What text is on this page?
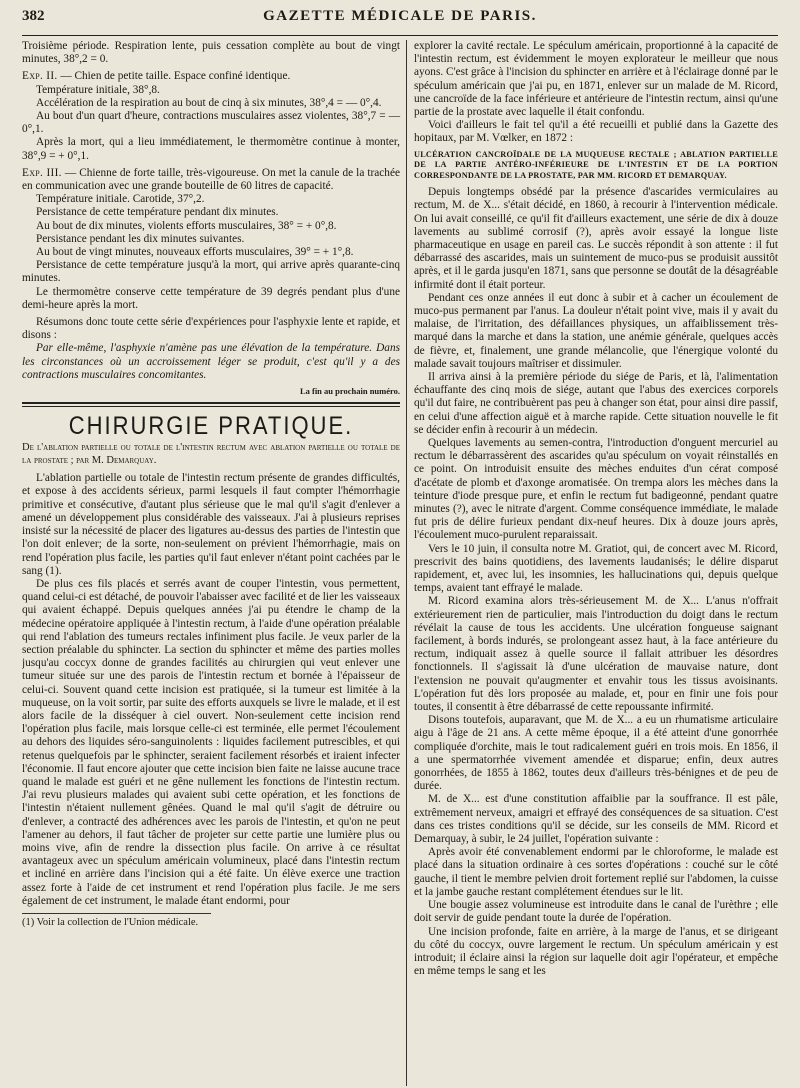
382	GAZETTE MÉDICALE DE PARIS.

Troisième période. Respiration lente, puis cessation complète au bout de vingt minutes, 38°,2 = 0.

Exp. II. — Chien de petite taille. Espace confiné identique.

Température initiale, 38°,8.

Accélération de la respiration au bout de cinq à six minutes, 38°,4 = — 0°,4.

Au bout d'un quart d'heure, contractions musculaires assez violentes, 38°,7 = — 0°,1.

Après la mort, qui a lieu immédiatement, le thermomètre continue à monter, 38°,9 = + 0°,1.

Exp. III. — Chienne de forte taille, très-vigoureuse. On met la canule de la trachée en communication avec une grande bouteille de 60 litres de capacité.

Température initiale. Carotide, 37°,2.

Persistance de cette température pendant dix minutes.

Au bout de dix minutes, violents efforts musculaires, 38° = + 0°,8.

Persistance pendant les dix minutes suivantes.

Au bout de vingt minutes, nouveaux efforts musculaires, 39° = + 1°,8.

Persistance de cette température jusqu'à la mort, qui arrive après quarante-cinq minutes.

Le thermomètre conserve cette température de 39 degrés pendant plus d'une demi-heure après la mort.

Résumons donc toute cette série d'expériences pour l'asphyxie lente et rapide, et disons :

Par elle-même, l'asphyxie n'amène pas une élévation de la température. Dans les circonstances où un accroissement léger se produit, c'est qu'il y a des contractions musculaires concomitantes.

La fin au prochain numéro.
CHIRURGIE PRATIQUE.

De l'ablation partielle ou totale de l'intestin rectum avec ablation partielle ou totale de la prostate ; par M. Demarquay.

L'ablation partielle ou totale de l'intestin rectum présente de grandes difficultés, et expose à des accidents sérieux, parmi lesquels il faut compter l'hémorrhagie primitive et consécutive, d'autant plus sérieuse que le mal qu'il s'agit d'enlever a amené un développement plus considérable des vaisseaux. J'ai à plusieurs reprises insisté sur la nécessité de placer des ligatures au-dessus des parties de l'intestin que l'on doit enlever; de la sorte, non-seulement on prévient l'hémorrhagie, mais on rend l'opération plus facile, les parties qu'il faut enlever n'étant point cachées par le sang (1).

De plus ces fils placés et serrés avant de couper l'intestin, vous permettent, quand celui-ci est détaché, de pouvoir l'abaisser avec facilité et de lier les vaisseaux qui avaient échappé. Depuis quelques années j'ai pu étendre le champ de la médecine opératoire appliquée à l'intestin rectum, à l'aide d'une opération préalable qui rend l'ablation des tumeurs rectales infiniment plus facile. Je veux parler de la section préalable du sphincter. La section du sphincter et même des parties molles jusqu'au coccyx donne de grandes facilités au chirurgien qui veut enlever une tumeur située sur une des parois de l'intestin rectum et bornée à l'épaisseur de celui-ci. Souvent quand cette incision est pratiquée, si la tumeur est limitée à la muqueuse, on la voit sortir, par suite des efforts auxquels se livre le malade, et il est alors facile de la disséquer à ciel ouvert. Non-seulement cette incision rend l'opération plus facile, mais lorsque celle-ci est terminée, elle permet l'écoulement au dehors des liquides séro-sanguinolents : liquides facilement putrescibles, et qui retenus quelquefois par le sphincter, seraient facilement résorbés et iraient infecter l'économie. Il faut encore ajouter que cette incision bien faite ne laisse aucune trace quand le malade est guéri et ne gêne nullement les fonctions de l'intestin rectum. J'ai revu plusieurs malades qui avaient subi cette opération, et les fonctions de l'intestin n'étaient nullement gênées. Quand le mal qu'il s'agit de détruire ou d'enlever, a contracté des adhérences avec les parois de l'intestin, et qu'on ne peut l'amener au dehors, il faut tâcher de projeter sur cette partie une lumière plus ou moins vive, afin de rendre la dissection plus facile. On arrive à ce résultat avantageux avec un spéculum américain volumineux, placé dans l'intestin rectum et incliné en arrière dans l'incision qui a été faite. Un élève exerce une traction assez forte à l'aide de cet instrument et rend l'opération plus facile. Je me sers également de cet instrument, le malade étant endormi, pour

(1) Voir la collection de l'Union médicale.

explorer la cavité rectale. Le spéculum américain, proportionné à la capacité de l'intestin rectum, est évidemment le moyen explorateur le meilleur que nous ayons. C'est grâce à l'incision du sphincter en arrière et à l'éclairage donné par le spéculum américain que j'ai pu, en 1871, enlever sur un malade de M. Ricord, une cancroïde de la face inférieure et antérieure de l'intestin rectum, ainsi qu'une partie de la prostate avec laquelle il était confondu.

Voici d'ailleurs le fait tel qu'il a été recueilli et publié dans la Gazette des hopitaux, par M. Vœlker, en 1872 :

ULCÉRATION CANCROÏDALE DE LA MUQUEUSE RECTALE ; ABLATION PARTIELLE DE LA PARTIE ANTÉRO-INFÉRIEURE DE L'INTESTIN ET DE LA PORTION CORRESPONDANTE DE LA PROSTATE, PAR MM. RICORD ET DEMARQUAY.

Depuis longtemps obsédé par la présence d'ascarides vermiculaires au rectum, M. de X... s'était décidé, en 1860, à recourir à l'intervention médicale. On lui avait conseillé, ce qu'il fit d'ailleurs exactement, une série de dix à douze lavements au sublimé corrosif (?), après avoir essayé la longue liste pharmaceutique en usage en pareil cas. Le succès répondit à son attente : il fut débarrassé des ascarides, mais un suintement de muco-pus se produisit aussitôt après, et il le garda jusqu'en 1871, sans que personne se doutât de la désagréable infirmité dont il était porteur.

Pendant ces onze années il eut donc à subir et à cacher un écoulement de muco-pus permanent par l'anus. La douleur n'était point vive, mais il y avait du malaise, de l'irritation, des défaillances physiques, un affaiblissement très-marqué dans la marche et dans la station, une anémie générale, quelques accès de fièvre, et, finalement, une grande mélancolie, que l'énergique volonté du malade savait toujours maîtriser et dissimuler.

Il arriva ainsi à la première période du siége de Paris, et là, l'alimentation échauffante des cinq mois de siége, autant que l'abus des exercices corporels qu'il dut faire, ne contribuèrent pas peu à changer son état, pour ainsi dire passif, en celui d'une affection aiguë et à marche rapide. Cette situation nouvelle le fit se décider enfin à recourir à un médecin.

Quelques lavements au semen-contra, l'introduction d'onguent mercuriel au rectum le débarrassèrent des ascarides qu'au spéculum on voyait réinstallés en ce point. On introduisit ensuite des mèches enduites d'un cérat composé d'acétate de plomb et d'axonge aromatisée. On trempa alors les mèches dans la teinture d'iode presque pure, et enfin le rectum fut badigeonné, pendant quatre minutes (?), avec le nitrate d'argent. Comme conséquence immédiate, le malade fut pris de délire furieux pendant dix-neuf heures. Dix à douze jours après, l'écoulement muco-purulent reparaissait.

Vers le 10 juin, il consulta notre M. Gratiot, qui, de concert avec M. Ricord, prescrivit des bains quotidiens, des lavements laudanisés; le délire disparut rapidement, et, avec lui, les insomnies, les hallucinations qui, depuis quelque temps, avaient tant effrayé le malade.

M. Ricord examina alors très-sérieusement M. de X... L'anus n'offrait extérieurement rien de particulier, mais l'introduction du doigt dans le rectum révélait la cause de tous les accidents. Une ulcération fongueuse saignant facilement, à bords indurés, se prolongeant assez haut, à la face antérieure du rectum, indiquait assez à quelle source il fallait attribuer les désordres fonctionnels. Il s'agissait là d'une ulcération de mauvaise nature, dont l'extension ne pouvait qu'augmenter et envahir tous les tissus avoisinants. L'opération fut dès lors proposée au malade, et, pour en finir une fois pour toutes, il consentit à être débarrassé de cette repoussante infirmité.

Disons toutefois, auparavant, que M. de X... a eu un rhumatisme articulaire aigu à l'âge de 21 ans. A cette même époque, il a été atteint d'une gonorrhée compliquée d'orchite, mais le tout radicalement guéri en trois mois. En 1856, il a une spermatorrhée vivement amendée et disparue; enfin, deux autres gonorrhées, de 1855 à 1862, toutes deux d'ailleurs très-bénignes et de peu de durée.

M. de X... est d'une constitution affaiblie par la souffrance. Il est pâle, extrêmement nerveux, amaigri et effrayé des conséquences de sa situation. C'est dans ces tristes conditions qu'il se décide, sur les conseils de MM. Ricord et Demarquay, à subir, le 24 juillet, l'opération suivante :

Après avoir été convenablement endormi par le chloroforme, le malade est placé dans la situation ordinaire à ces sortes d'opérations : couché sur le côté gauche, il tient le membre pelvien droit fortement replié sur l'abdomen, la cuisse et la jambe gauche restant complétement étendues sur le lit.

Une bougie assez volumineuse est introduite dans le canal de l'urèthre ; elle doit servir de guide pendant toute la durée de l'opération.

Une incision profonde, faite en arrière, à la marge de l'anus, et se dirigeant du côté du coccyx, ouvre largement le rectum. Un spéculum américain y est introduit; il éclaire ainsi la région sur laquelle doit agir l'opérateur, et empêche en même temps le sang et les
